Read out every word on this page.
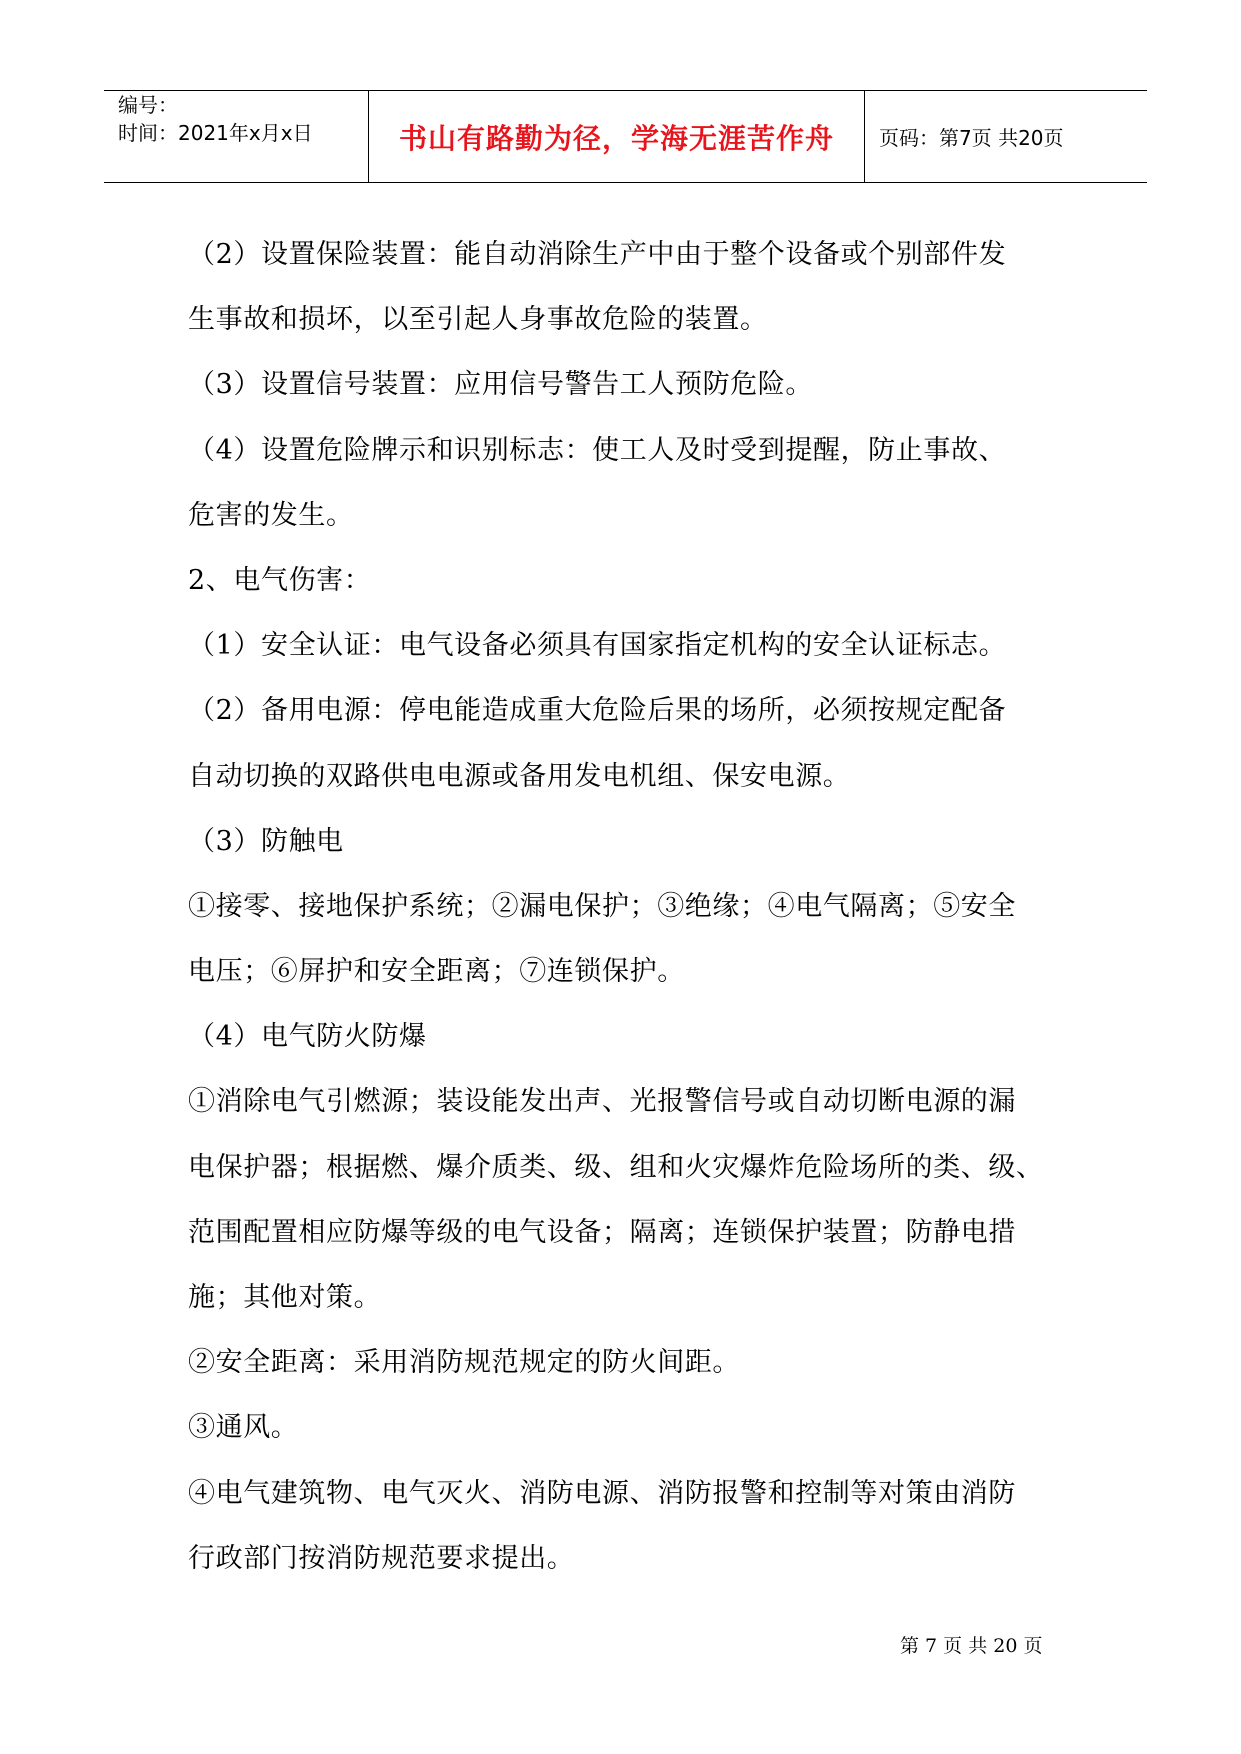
编号：
时间：2021年x月x日	书山有路勤为径，学海无涯苦作舟 页码：第7页 共20页
（2）设置保险装置：能自动消除生产中由于整个设备或个别部件发
生事故和损坏，以至引起人身事故危险的装置。
（3）设置信号装置：应用信号警告工人预防危险。
（4）设置危险牌示和识别标志：使工人及时受到提醒，防止事故、
危害的发生。
2、电气伤害：
（1）安全认证：电气设备必须具有国家指定机构的安全认证标志。
（2）备用电源：停电能造成重大危险后果的场所，必须按规定配备
自动切换的双路供电电源或备用发电机组、保安电源。
（3）防触电
①接零、接地保护系统；②漏电保护；③绝缘；④电气隔离；⑤安全
电压；⑥屏护和安全距离；⑦连锁保护。
（4）电气防火防爆
①消除电气引燃源；装设能发出声、光报警信号或自动切断电源的漏
电保护器；根据燃、爆介质类、级、组和火灾爆炸危险场所的类、级、
范围配置相应防爆等级的电气设备；隔离；连锁保护装置；防静电措
施；其他对策。
②安全距离：采用消防规范规定的防火间距。
③通风。
④电气建筑物、电气灭火、消防电源、消防报警和控制等对策由消防
行政部门按消防规范要求提出。
第 7 页 共 20 页
